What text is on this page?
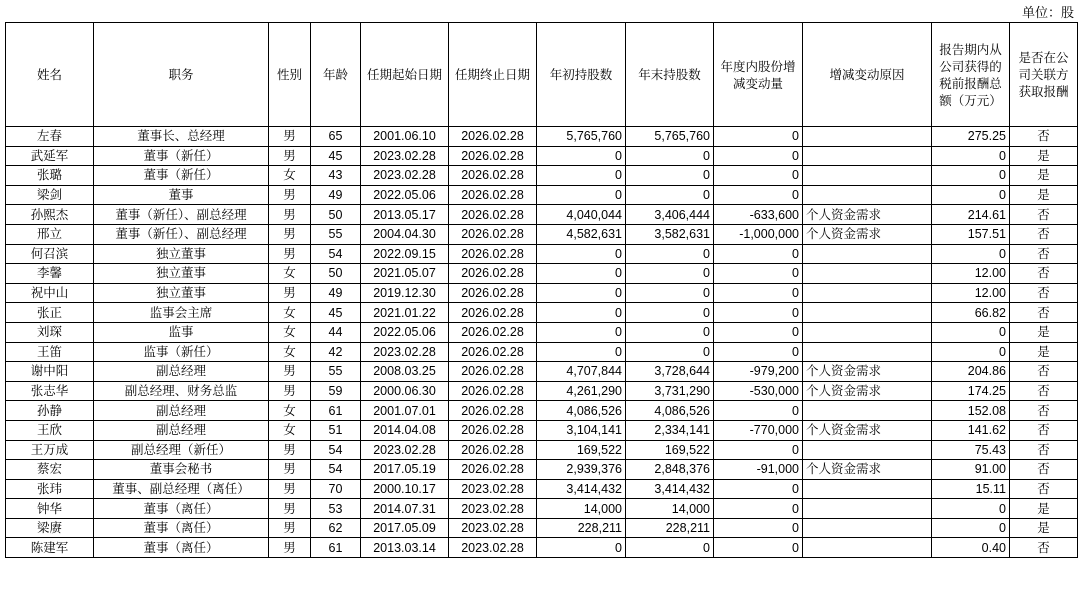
单位：股
姓名	职务	性别	年龄	任期起始日期	任期终止日期	年初持股数	年末持股数	年度内股份增减变动量	增减变动原因	报告期内从公司获得的税前报酬总额（万元）	是否在公司关联方获取报酬
左春	董事长、总经理	男	65	2001.06.10	2026.02.28	5,765,760	5,765,760	0		275.25	否
武延军	董事（新任）	男	45	2023.02.28	2026.02.28	0	0	0		0	是
张璐	董事（新任）	女	43	2023.02.28	2026.02.28	0	0	0		0	是
梁剑	董事	男	49	2022.05.06	2026.02.28	0	0	0		0	是
孙熙杰	董事（新任）、副总经理	男	50	2013.05.17	2026.02.28	4,040,044	3,406,444	-633,600	个人资金需求	214.61	否
邢立	董事（新任）、副总经理	男	55	2004.04.30	2026.02.28	4,582,631	3,582,631	-1,000,000	个人资金需求	157.51	否
何召滨	独立董事	男	54	2022.09.15	2026.02.28	0	0	0		0	否
李馨	独立董事	女	50	2021.05.07	2026.02.28	0	0	0		12.00	否
祝中山	独立董事	男	49	2019.12.30	2026.02.28	0	0	0		12.00	否
张正	监事会主席	女	45	2021.01.22	2026.02.28	0	0	0		66.82	否
刘琛	监事	女	44	2022.05.06	2026.02.28	0	0	0		0	是
王笛	监事（新任）	女	42	2023.02.28	2026.02.28	0	0	0		0	是
谢中阳	副总经理	男	55	2008.03.25	2026.02.28	4,707,844	3,728,644	-979,200	个人资金需求	204.86	否
张志华	副总经理、财务总监	男	59	2000.06.30	2026.02.28	4,261,290	3,731,290	-530,000	个人资金需求	174.25	否
孙静	副总经理	女	61	2001.07.01	2026.02.28	4,086,526	4,086,526	0		152.08	否
王欣	副总经理	女	51	2014.04.08	2026.02.28	3,104,141	2,334,141	-770,000	个人资金需求	141.62	否
王万成	副总经理（新任）	男	54	2023.02.28	2026.02.28	169,522	169,522	0		75.43	否
蔡宏	董事会秘书	男	54	2017.05.19	2026.02.28	2,939,376	2,848,376	-91,000	个人资金需求	91.00	否
张玮	董事、副总经理（离任）	男	70	2000.10.17	2023.02.28	3,414,432	3,414,432	0		15.11	否
钟华	董事（离任）	男	53	2014.07.31	2023.02.28	14,000	14,000	0		0	是
梁赓	董事（离任）	男	62	2017.05.09	2023.02.28	228,211	228,211	0		0	是
陈建军	董事（离任）	男	61	2013.03.14	2023.02.28	0	0	0		0.40	否
